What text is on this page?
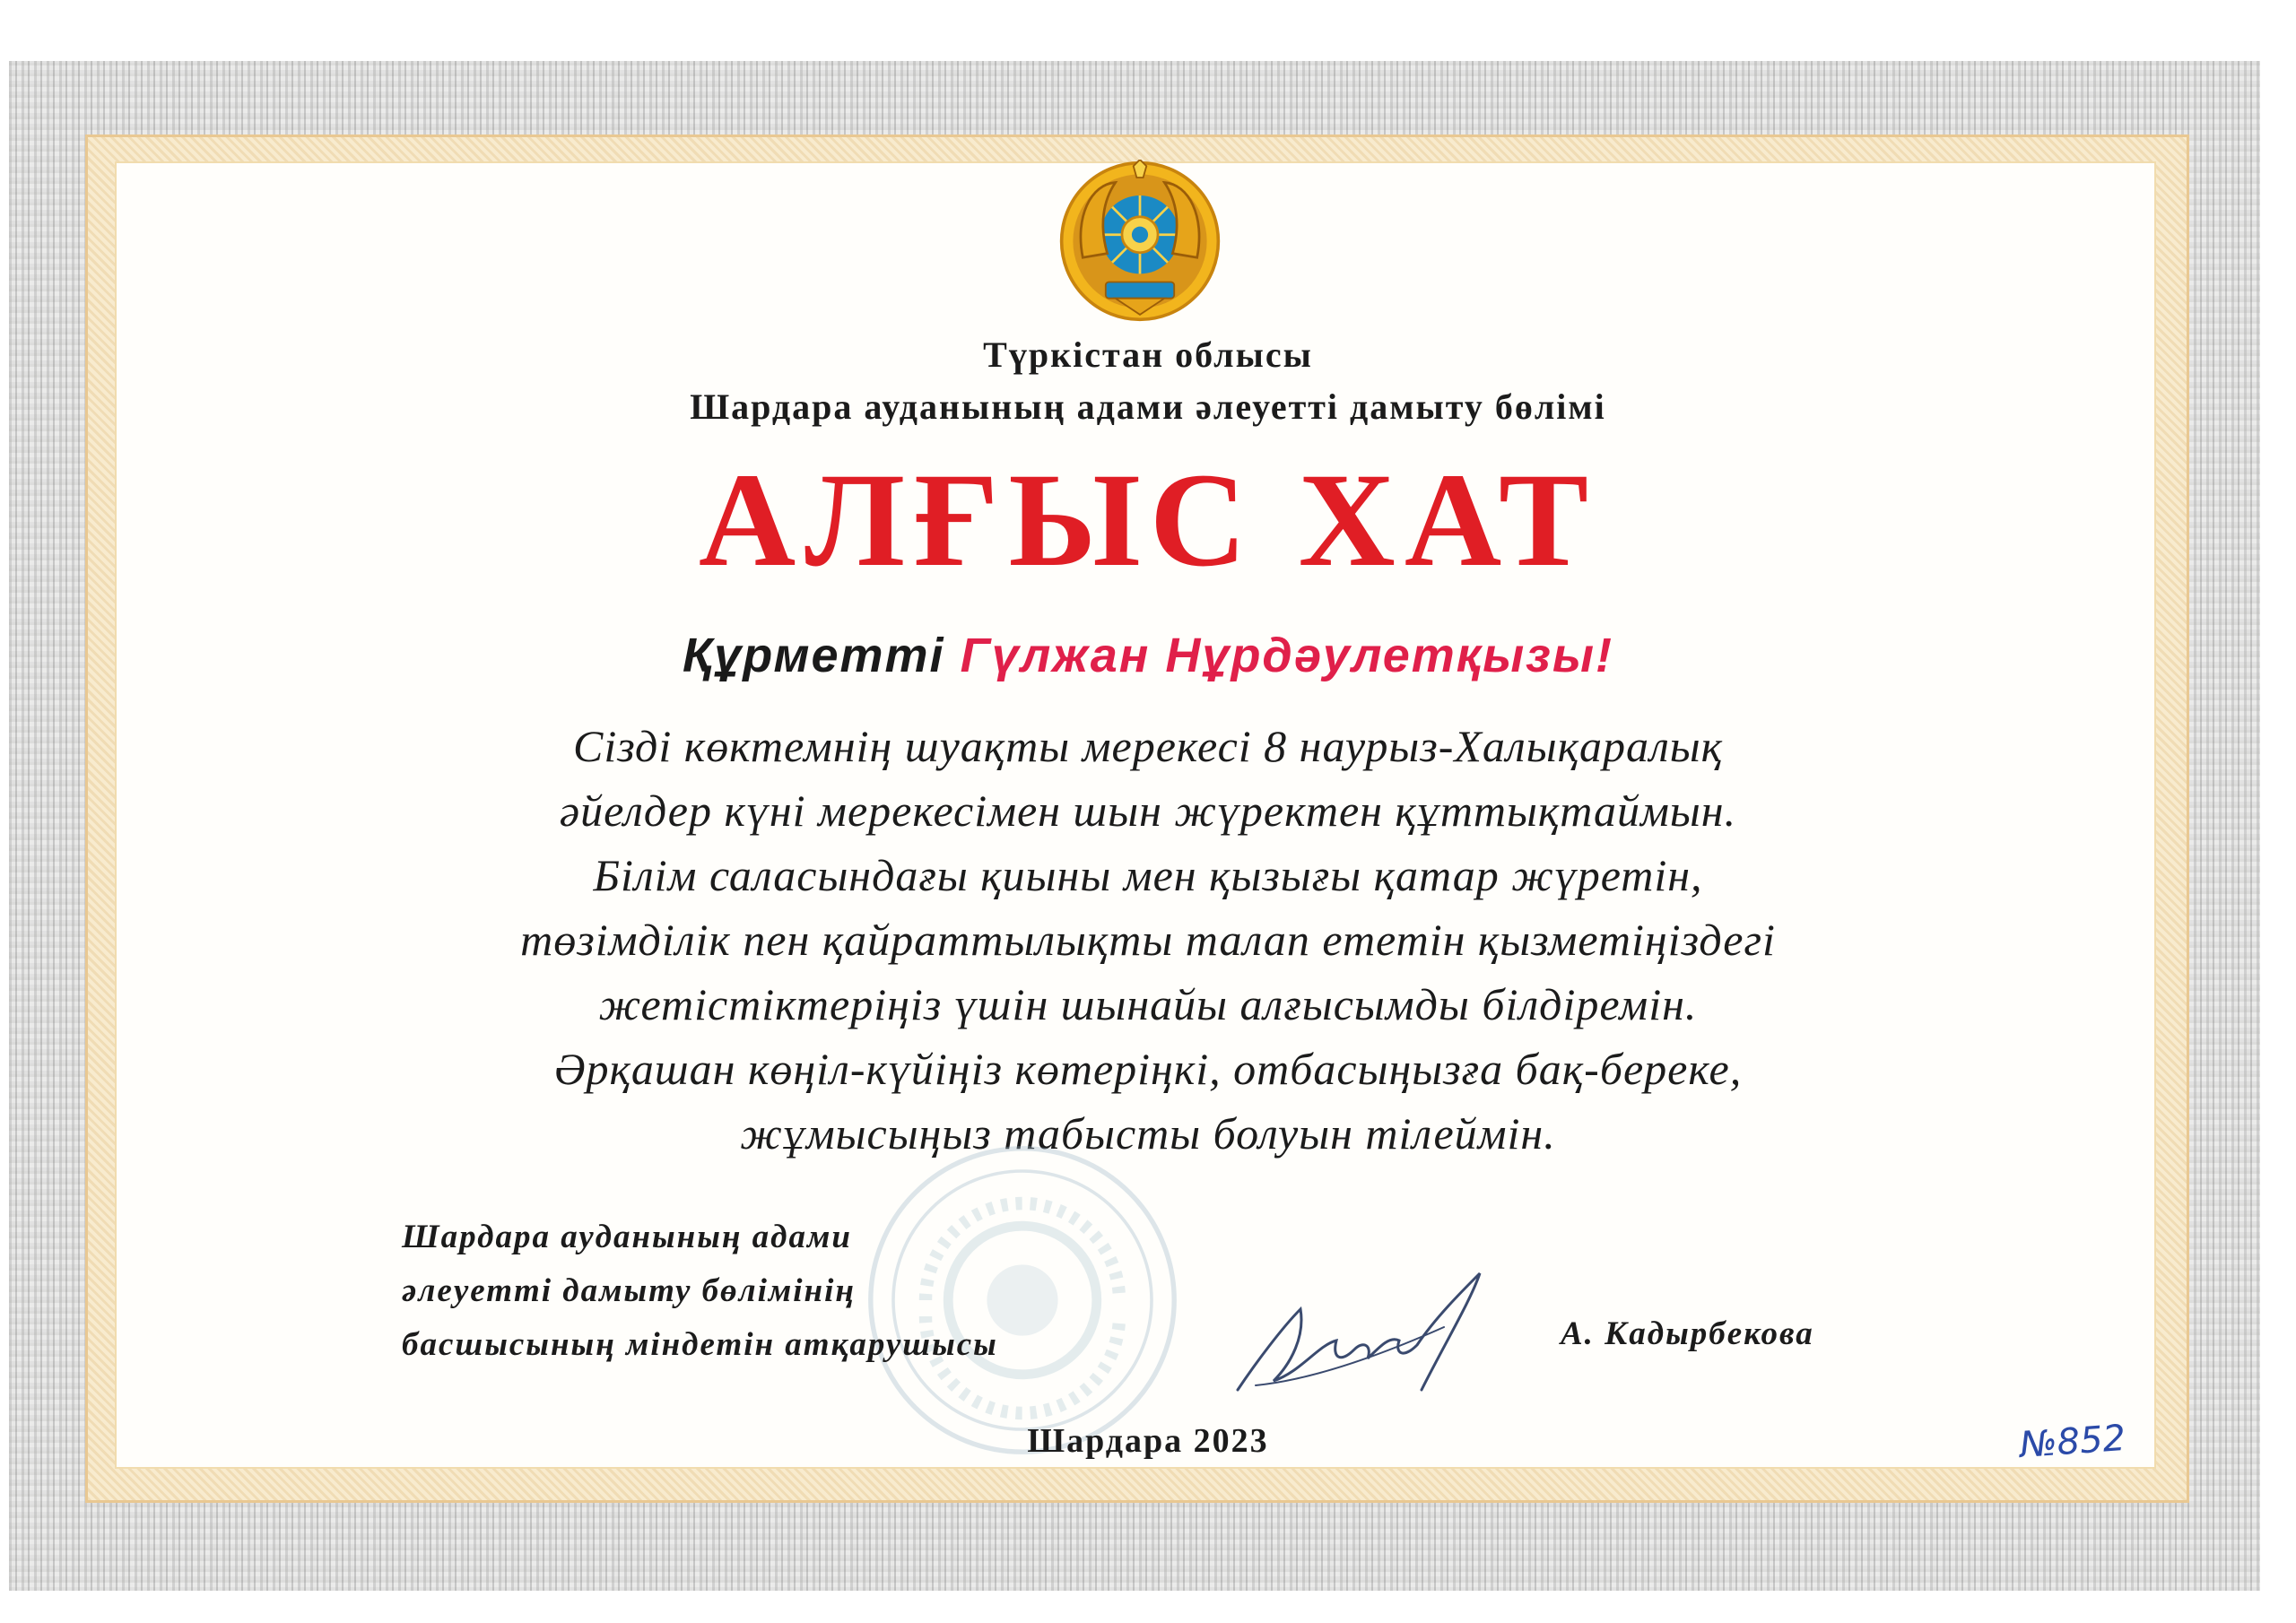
Түркістан облысы
Шардара ауданының адами әлеуетті дамыту бөлімі
АЛҒЫС ХАТ
Құрметті Гүлжан Нұрдәулетқызы!
Сізді көктемнің шуақты мерекесі 8 наурыз-Халықаралық
әйелдер күні мерекесімен шын жүректен құттықтаймын.
Білім саласындағы қиыны мен қызығы қатар жүретін,
төзімділік пен қайраттылықты талап ететін қызметіңіздегі
жетістіктеріңіз үшін шынайы алғысымды білдіремін.
Әрқашан көңіл-күйіңіз көтеріңкі, отбасыңызға бақ-береке,
жұмысыңыз табысты болуын тілеймін.
Шардара ауданының адами
әлеуетті дамыту бөлімінің
басшысының міндетін атқарушысы	А. Кадырбекова
Шардара 2023	№852
